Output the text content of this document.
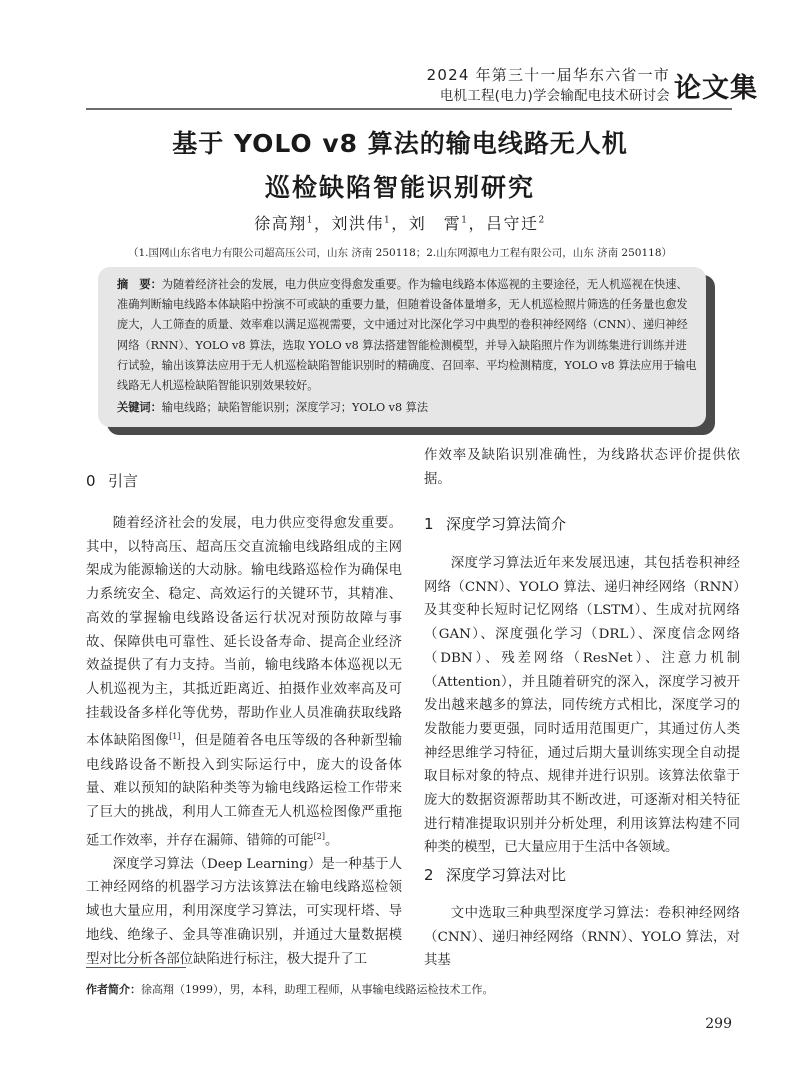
2024 年第三十一届华东六省一市
电机工程(电力)学会输配电技术研讨会 论文集
基于 YOLO v8 算法的输电线路无人机
巡检缺陷智能识别研究
徐高翔$^1$，刘洪伟$^1$，刘　霄$^1$，吕守迁$^2$
（1.国网山东省电力有限公司超高压公司，山东 济南 250118；2.山东网源电力工程有限公司，山东 济南 250118）

摘　要：为随着经济社会的发展，电力供应变得愈发重要。作为输电线路本体巡视的主要途径，无人机巡视在快速、准确判断输电线路本体缺陷中扮演不可或缺的重要力量，但随着设备体量增多，无人机巡检照片筛选的任务量也愈发庞大，人工筛查的质量、效率难以满足巡视需要，文中通过对比深化学习中典型的卷积神经网络（CNN）、递归神经网络（RNN）、YOLO v8 算法，选取 YOLO v8 算法搭建智能检测模型，并导入缺陷照片作为训练集进行训练并进行试验，输出该算法应用于无人机巡检缺陷智能识别时的精确度、召回率、平均检测精度，YOLO v8 算法应用于输电线路无人机巡检缺陷智能识别效果较好。

关键词：输电线路；缺陷智能识别；深度学习；YOLO v8 算法
0 引言

随着经济社会的发展，电力供应变得愈发重要。其中，以特高压、超高压交直流输电线路组成的主网架成为能源输送的大动脉。输电线路巡检作为确保电力系统安全、稳定、高效运行的关键环节，其精准、高效的掌握输电线路设备运行状况对预防故障与事故、保障供电可靠性、延长设备寿命、提高企业经济效益提供了有力支持。当前，输电线路本体巡视以无人机巡视为主，其抵近距离近、拍摄作业效率高及可挂载设备多样化等优势，帮助作业人员准确获取线路本体缺陷图像[1]，但是随着各电压等级的各种新型输电线路设备不断投入到实际运行中，庞大的设备体量、难以预知的缺陷种类等为输电线路运检工作带来了巨大的挑战，利用人工筛查无人机巡检图像严重拖延工作效率，并存在漏筛、错筛的可能[2]。

深度学习算法（Deep Learning）是一种基于人工神经网络的机器学习方法该算法在输电线路巡检领域也大量应用，利用深度学习算法，可实现杆塔、导地线、绝缘子、金具等准确识别，并通过大量数据模型对比分析各部位缺陷进行标注，极大提升了工

作效率及缺陷识别准确性，为线路状态评价提供依据。

1 深度学习算法简介

深度学习算法近年来发展迅速，其包括卷积神经网络（CNN）、YOLO 算法、递归神经网络（RNN）及其变种长短时记忆网络（LSTM）、生成对抗网络（GAN）、深度强化学习（DRL）、深度信念网络（DBN）、残差网络（ResNet）、注意力机制（Attention），并且随着研究的深入，深度学习被开发出越来越多的算法，同传统方式相比，深度学习的发散能力要更强，同时适用范围更广，其通过仿人类神经思维学习特征，通过后期大量训练实现全自动提取目标对象的特点、规律并进行识别。该算法依靠于庞大的数据资源帮助其不断改进，可逐渐对相关特征进行精准提取识别并分析处理，利用该算法构建不同种类的模型，已大量应用于生活中各领域。

2 深度学习算法对比

文中选取三种典型深度学习算法：卷积神经网络（CNN）、递归神经网络（RNN）、YOLO 算法，对其基

作者简介：徐高翔（1999），男，本科，助理工程师，从事输电线路运检技术工作。
299
